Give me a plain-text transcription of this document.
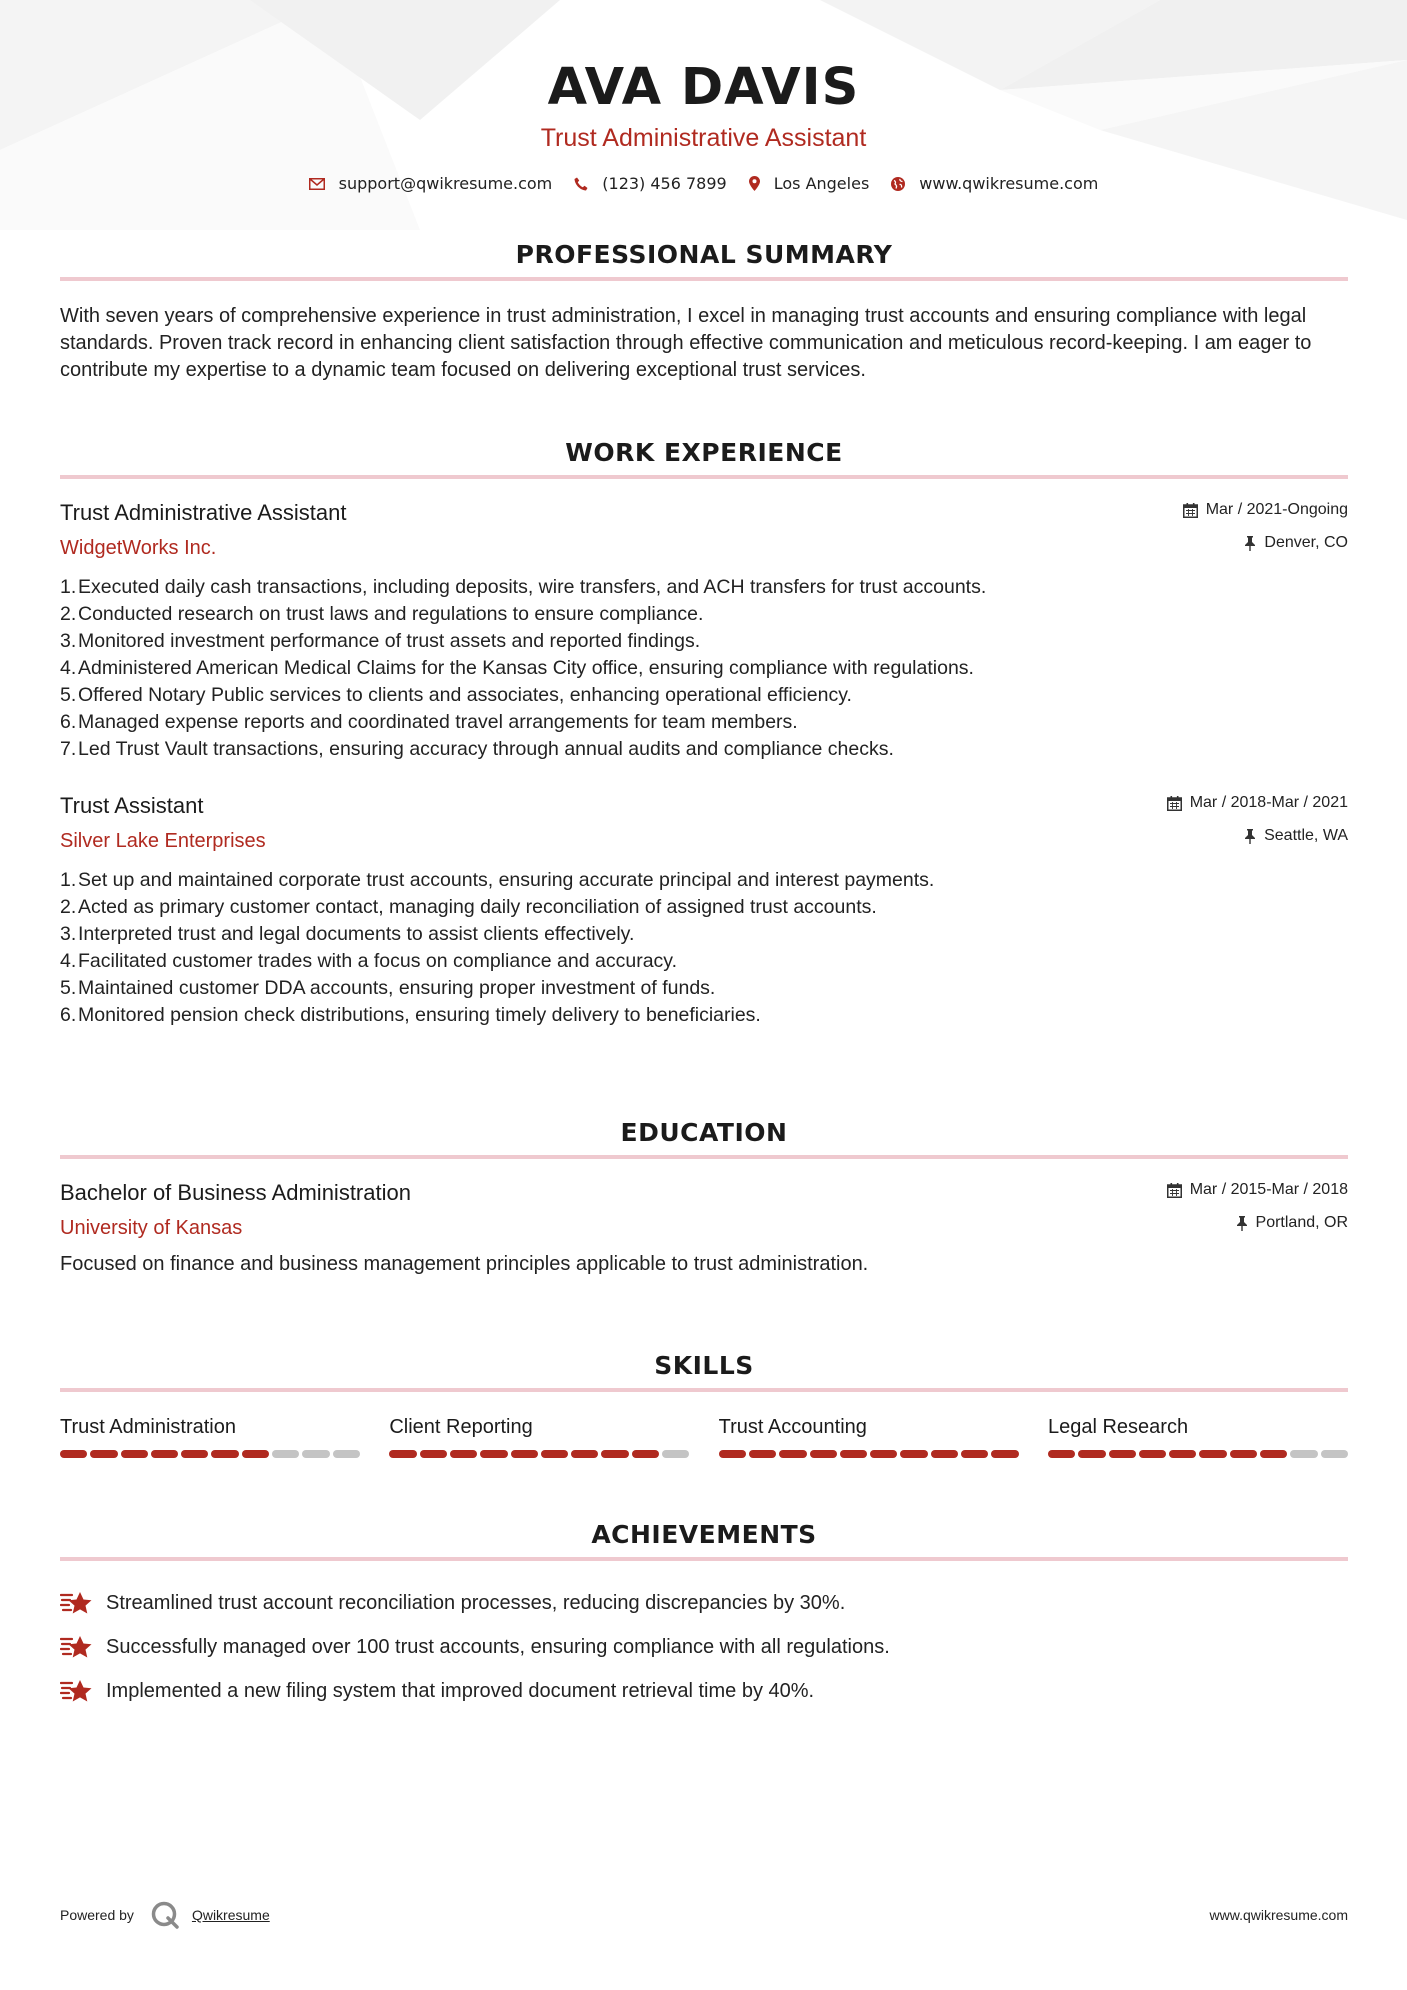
AVA DAVIS
Trust Administrative Assistant
support@qwikresume.com	(123) 456 7899	Los Angeles	www.qwikresume.com
PROFESSIONAL SUMMARY
With seven years of comprehensive experience in trust administration, I excel in managing trust accounts and ensuring compliance with legal standards. Proven track record in enhancing client satisfaction through effective communication and meticulous record-keeping. I am eager to contribute my expertise to a dynamic team focused on delivering exceptional trust services.
WORK EXPERIENCE
Trust Administrative Assistant
WidgetWorks Inc.
Mar / 2021-Ongoing
Denver, CO
1. Executed daily cash transactions, including deposits, wire transfers, and ACH transfers for trust accounts.
2. Conducted research on trust laws and regulations to ensure compliance.
3. Monitored investment performance of trust assets and reported findings.
4. Administered American Medical Claims for the Kansas City office, ensuring compliance with regulations.
5. Offered Notary Public services to clients and associates, enhancing operational efficiency.
6. Managed expense reports and coordinated travel arrangements for team members.
7. Led Trust Vault transactions, ensuring accuracy through annual audits and compliance checks.
Trust Assistant
Silver Lake Enterprises
Mar / 2018-Mar / 2021
Seattle, WA
1. Set up and maintained corporate trust accounts, ensuring accurate principal and interest payments.
2. Acted as primary customer contact, managing daily reconciliation of assigned trust accounts.
3. Interpreted trust and legal documents to assist clients effectively.
4. Facilitated customer trades with a focus on compliance and accuracy.
5. Maintained customer DDA accounts, ensuring proper investment of funds.
6. Monitored pension check distributions, ensuring timely delivery to beneficiaries.
EDUCATION
Bachelor of Business Administration
University of Kansas
Mar / 2015-Mar / 2018
Portland, OR
Focused on finance and business management principles applicable to trust administration.
SKILLS
Trust Administration	Client Reporting	Trust Accounting	Legal Research
ACHIEVEMENTS
Streamlined trust account reconciliation processes, reducing discrepancies by 30%.
Successfully managed over 100 trust accounts, ensuring compliance with all regulations.
Implemented a new filing system that improved document retrieval time by 40%.
Powered by	Qwikresume	www.qwikresume.com
